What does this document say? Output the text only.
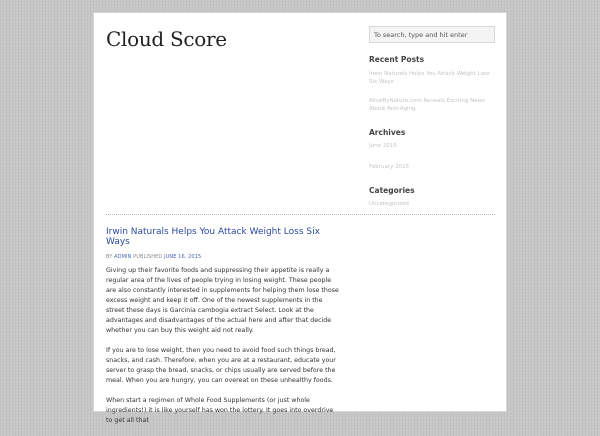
Cloud Score
To search, type and hit enter
Recent Posts
Irwin Naturals Helps You Attack Weight Loss Six Ways
AliveByNature.com Reveals Exciting News About Anti-Aging
Archives
June 2015
February 2015
Categories
Uncategorized
Irwin Naturals Helps You Attack Weight Loss Six Ways
BY ADMIN PUBLISHED JUNE 16, 2015

Giving up their favorite foods and suppressing their appetite is really a regular area of the lives of people trying in losing weight. These people are also constantly interested in supplements for helping them lose those excess weight and keep it off. One of the newest supplements in the street these days is Garcinia cambogia extract Select. Look at the advantages and disadvantages of the actual here and after that decide whether you can buy this weight aid not really.

If you are to lose weight, then you need to avoid food such things bread, snacks, and cash. Therefore, when you are at a restaurant, educate your server to grasp the bread, snacks, or chips usually are served before the meal. When you are hungry, you can overeat on these unhealthy foods.

When start a regimen of Whole Food Supplements (or just whole ingredients!) it is like yourself has won the lottery. It goes into overdrive to get all that
